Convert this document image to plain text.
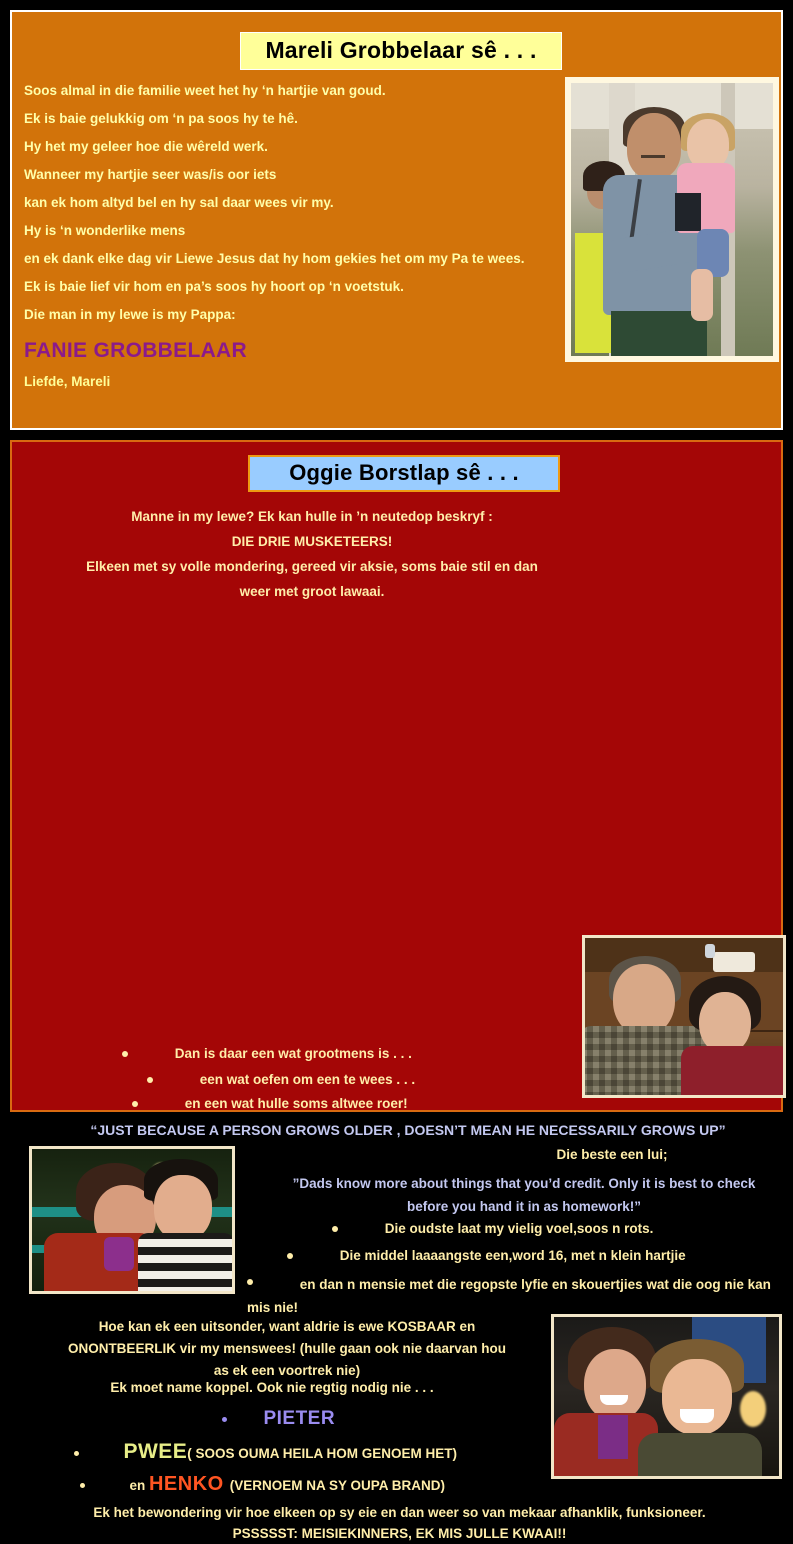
Mareli Grobbelaar sê . . .

Soos almal in die familie weet het hy ‘n hartjie van goud.

Ek is baie gelukkig om ‘n pa soos hy te hê.

Hy het my geleer hoe die wêreld werk.

Wanneer my hartjie seer was/is oor iets

kan ek hom altyd bel en hy sal daar wees vir my.

Hy is ‘n wonderlike mens

en ek dank elke dag vir Liewe Jesus dat hy hom gekies het om my Pa te wees.

Ek is baie lief vir hom en pa’s soos hy hoort op ‘n voetstuk.

Die man in my lewe is my Pappa:

FANIE GROBBELAAR
Liefde, Mareli
Oggie Borstlap sê . . .
Manne in my lewe? Ek kan hulle in ’n neutedop beskryf :
DIE DRIE MUSKETEERS!
Elkeen met sy volle mondering, gereed vir aksie, soms baie stil en dan
weer met groot lawaai.
Dan is daar een wat grootmens is . . .
een wat oefen om een te wees . . .
en een wat hulle soms altwee roer!
“JUST BECAUSE A PERSON GROWS OLDER , DOESN’T MEAN HE NECESSARILY GROWS UP”
Die beste een lui;
”Dads know more about things that you’d credit. Only it is best to check
before you hand it in as homework!”
Die oudste laat my vielig voel,soos n rots.
Die middel laaaangste een,word 16, met n klein hartjie
en dan n mensie met die regopste lyfie en skouertjies wat die oog nie kan mis nie!
Hoe kan ek een uitsonder, want aldrie is ewe KOSBAAR en
ONONTBEERLIK vir my menswees! (hulle gaan ook nie daarvan hou
as ek een voortrek nie)
Ek moet name koppel. Ook nie regtig nodig nie . . .
PIETER
PWEE( SOOS OUMA HEILA HOM GENOEM HET)
en HENKO (VERNOEM NA SY OUPA BRAND)
Ek het bewondering vir hoe elkeen op sy eie en dan weer so van mekaar afhanklik, funksioneer.
PSSSSST: MEISIEKINNERS, EK MIS JULLE KWAAI!!
